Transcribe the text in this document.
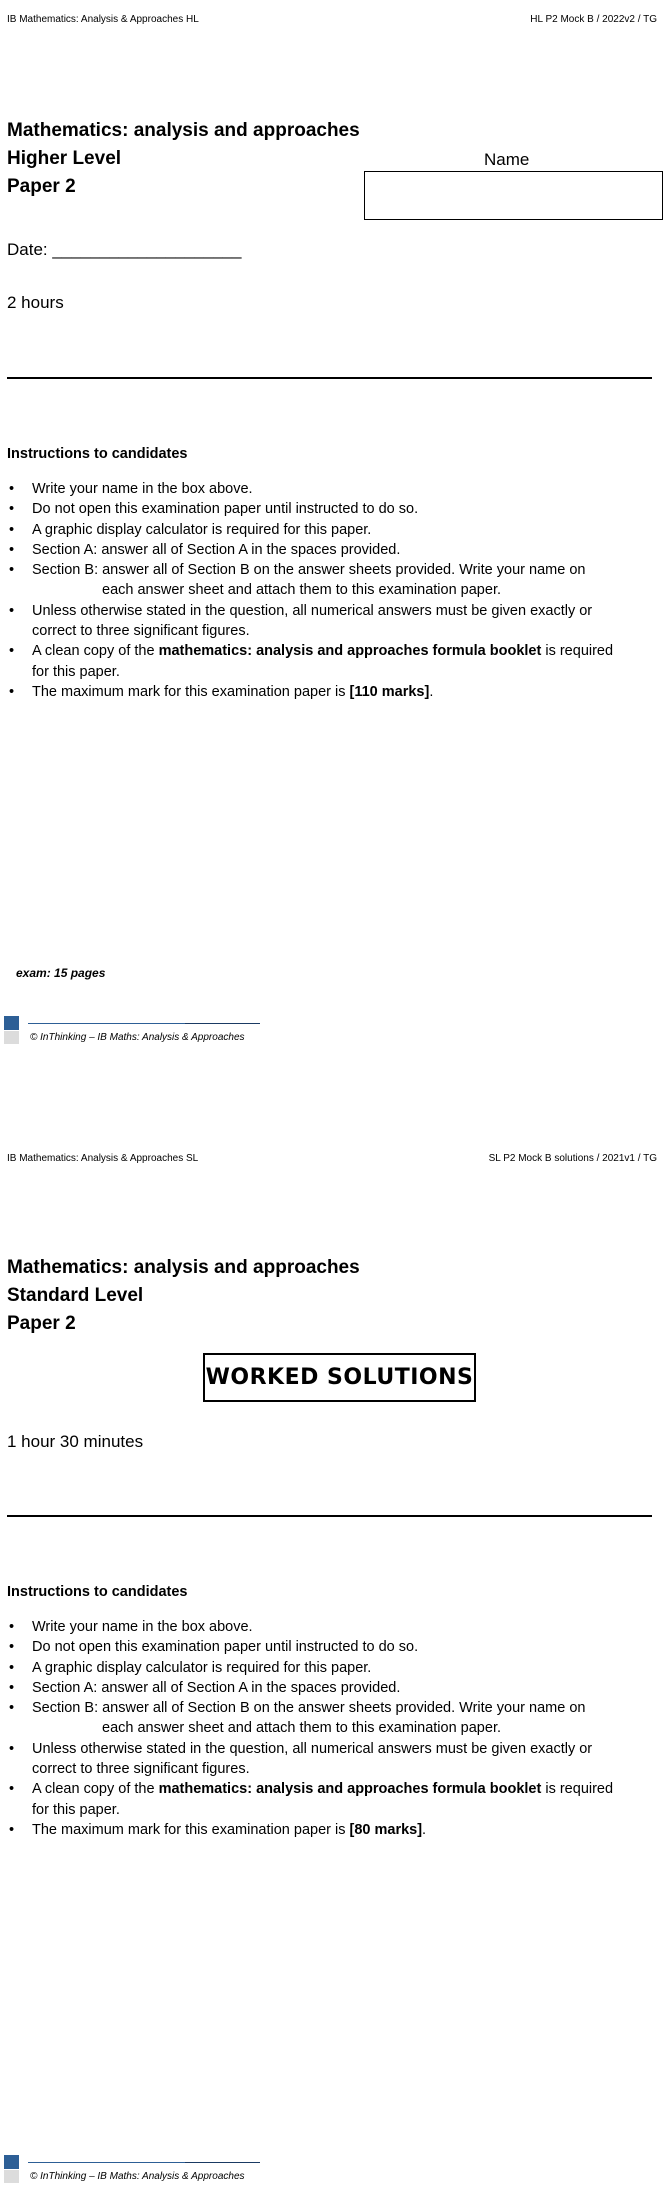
IB Mathematics: Analysis & Approaches HL	HL P2 Mock B / 2022v2 / TG
Mathematics: analysis and approaches
Higher Level
Paper 2
Name
Date: ____________________
2 hours
Instructions to candidates
• Write your name in the box above.
• Do not open this examination paper until instructed to do so.
• A graphic display calculator is required for this paper.
• Section A: answer all of Section A in the spaces provided.
• Section B: answer all of Section B on the answer sheets provided. Write your name on
each answer sheet and attach them to this examination paper.
• Unless otherwise stated in the question, all numerical answers must be given exactly or
correct to three significant figures.
• A clean copy of the mathematics: analysis and approaches formula booklet is required
for this paper.
• The maximum mark for this examination paper is [110 marks].
exam: 15 pages
© InThinking – IB Maths: Analysis & Approaches
IB Mathematics: Analysis & Approaches SL	SL P2 Mock B solutions / 2021v1 / TG
Mathematics: analysis and approaches
Standard Level
Paper 2
WORKED SOLUTIONS
1 hour 30 minutes
Instructions to candidates
• Write your name in the box above.
• Do not open this examination paper until instructed to do so.
• A graphic display calculator is required for this paper.
• Section A: answer all of Section A in the spaces provided.
• Section B: answer all of Section B on the answer sheets provided. Write your name on
each answer sheet and attach them to this examination paper.
• Unless otherwise stated in the question, all numerical answers must be given exactly or
correct to three significant figures.
• A clean copy of the mathematics: analysis and approaches formula booklet is required
for this paper.
• The maximum mark for this examination paper is [80 marks].
© InThinking – IB Maths: Analysis & Approaches
